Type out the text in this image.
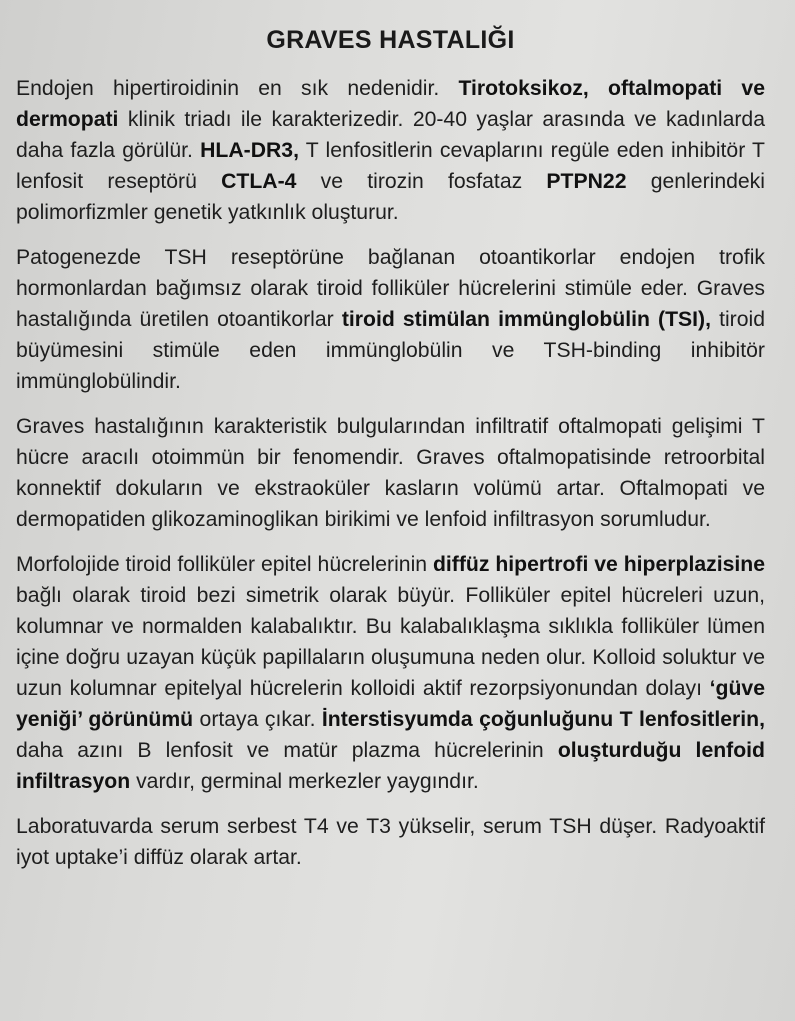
GRAVES HASTALIĞI

Endojen hipertiroidinin en sık nedenidir. Tirotoksikoz, oftalmopati ve dermopati klinik triadı ile karakterizedir. 20-40 yaşlar arasında ve kadınlarda daha fazla görülür. HLA-DR3, T lenfositlerin cevaplarını regüle eden inhibitör T lenfosit reseptörü CTLA-4 ve tirozin fosfataz PTPN22 genlerindeki polimorfizmler genetik yatkınlık oluşturur.

Patogenezde TSH reseptörüne bağlanan otoantikorlar endojen trofik hormonlardan bağımsız olarak tiroid folliküler hücrelerini stimüle eder. Graves hastalığında üretilen otoantikorlar tiroid stimülan immünglobülin (TSI), tiroid büyümesini stimüle eden immünglobülin ve TSH-binding inhibitör immünglobülindir.

Graves hastalığının karakteristik bulgularından infiltratif oftalmopati gelişimi T hücre aracılı otoimmün bir fenomendir. Graves oftalmopatisinde retroorbital konnektif dokuların ve ekstraoküler kasların volümü artar. Oftalmopati ve dermopatiden glikozaminoglikan birikimi ve lenfoid infiltrasyon sorumludur.

Morfolojide tiroid folliküler epitel hücrelerinin diffüz hipertrofi ve hiperplazisine bağlı olarak tiroid bezi simetrik olarak büyür. Folliküler epitel hücreleri uzun, kolumnar ve normalden kalabalıktır. Bu kalabalıklaşma sıklıkla folliküler lümen içine doğru uzayan küçük papillaların oluşumuna neden olur. Kolloid soluktur ve uzun kolumnar epitelyal hücrelerin kolloidi aktif rezorpsiyonundan dolayı ‘güve yeniği’ görünümü ortaya çıkar. İnterstisyumda çoğunluğunu T lenfositlerin, daha azını B lenfosit ve matür plazma hücrelerinin oluşturduğu lenfoid infiltrasyon vardır, germinal merkezler yaygındır.

Laboratuvarda serum serbest T4 ve T3 yükselir, serum TSH düşer. Radyoaktif iyot uptake’i diffüz olarak artar.
